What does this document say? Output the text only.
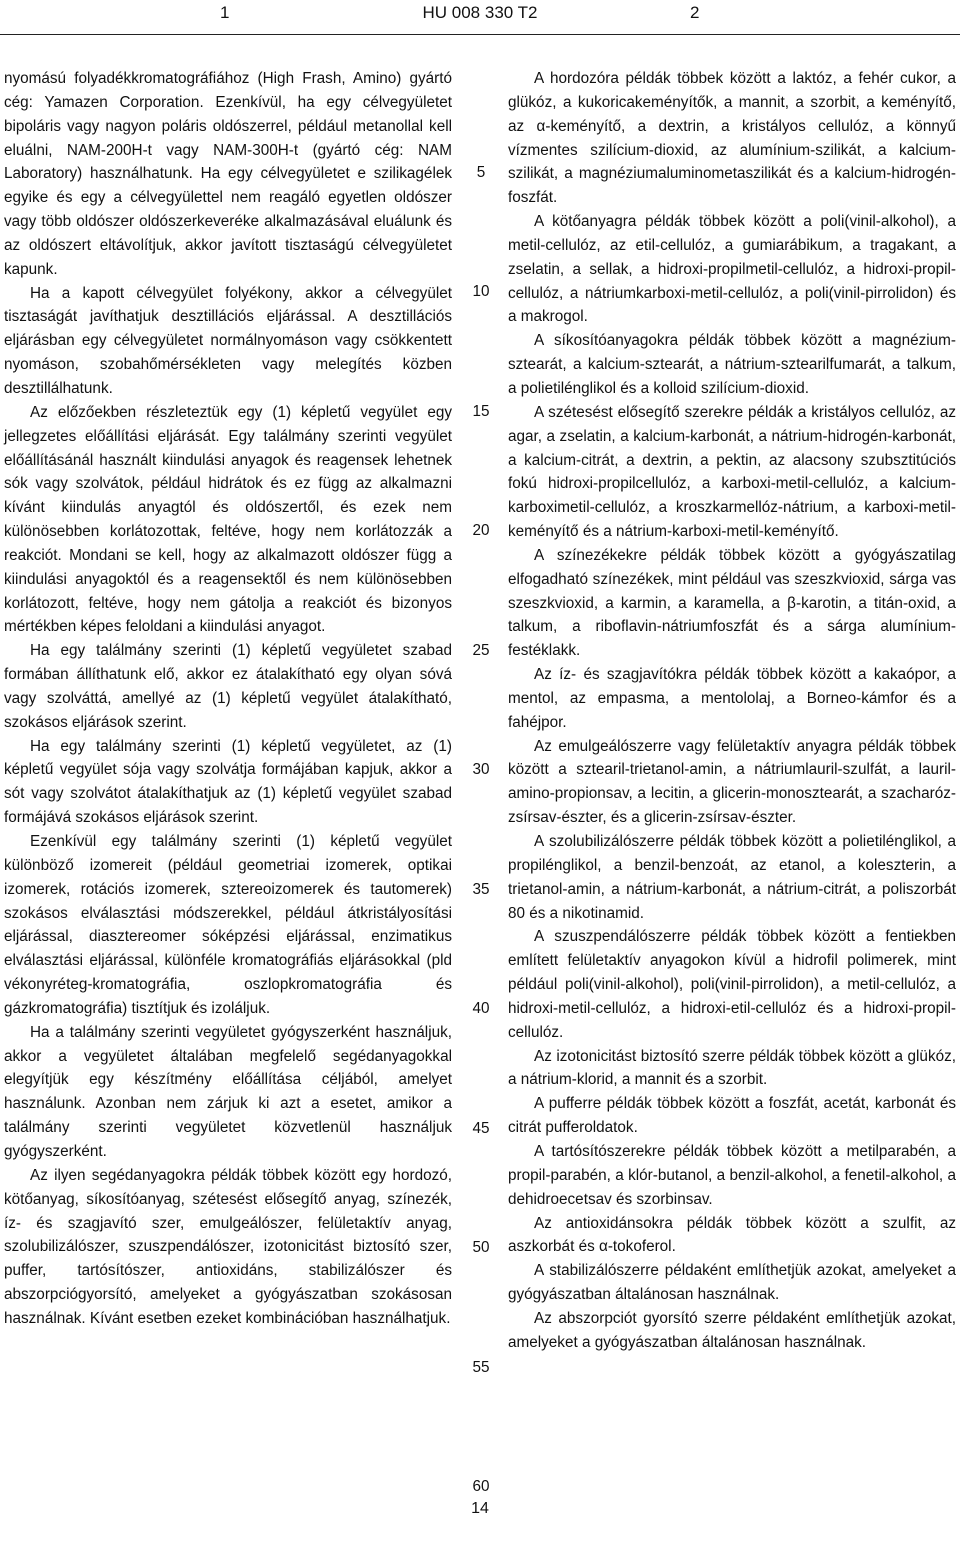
1	HU 008 330 T2	2

nyomású folyadékkromatográfiához (High Frash, Amino) gyártó cég: Yamazen Corporation. Ezenkívül, ha egy célvegyületet bipoláris vagy nagyon poláris oldószerrel, például metanollal kell eluálni, NAM-200H-t vagy NAM-300H-t (gyártó cég: NAM Laboratory) használhatunk. Ha egy célvegyületet e szilikagélek egyike és egy a célvegyülettel nem reagáló egyetlen oldószer vagy több oldószer oldószerkeveréke alkalmazásával eluálunk és az oldószert eltávolítjuk, akkor javított tisztaságú célvegyületet kapunk.

Ha a kapott célvegyület folyékony, akkor a célvegyület tisztaságát javíthatjuk desztillációs eljárással. A desztillációs eljárásban egy célvegyületet normálnyomáson vagy csökkentett nyomáson, szobahőmérsékleten vagy melegítés közben desztillálhatunk.

Az előzőekben részleteztük egy (1) képletű vegyület egy jellegzetes előállítási eljárását. Egy találmány szerinti vegyület előállításánál használt kiindulási anyagok és reagensek lehetnek sók vagy szolvátok, például hidrátok és ez függ az alkalmazni kívánt kiindulás anyagtól és oldószertől, és ezek nem különösebben korlátozottak, feltéve, hogy nem korlátozzák a reakciót. Mondani se kell, hogy az alkalmazott oldószer függ a kiindulási anyagoktól és a reagensektől és nem különösebben korlátozott, feltéve, hogy nem gátolja a reakciót és bizonyos mértékben képes feloldani a kiindulási anyagot.

Ha egy találmány szerinti (1) képletű vegyületet szabad formában állíthatunk elő, akkor ez átalakítható egy olyan sóvá vagy szolváttá, amellyé az (1) képletű vegyület átalakítható, szokásos eljárások szerint.

Ha egy találmány szerinti (1) képletű vegyületet, az (1) képletű vegyület sója vagy szolvátja formájában kapjuk, akkor a sót vagy szolvátot átalakíthatjuk az (1) képletű vegyület szabad formájává szokásos eljárások szerint.

Ezenkívül egy találmány szerinti (1) képletű vegyület különböző izomereit (például geometriai izomerek, optikai izomerek, rotációs izomerek, sztereoizomerek és tautomerek) szokásos elválasztási módszerekkel, például átkristályosítási eljárással, diasztereomer sóképzési eljárással, enzimatikus elválasztási eljárással, különféle kromatográfiás eljárásokkal (pld vékonyréteg-kromatográfia, oszlopkromatográfia és gázkromatográfia) tisztítjuk és izoláljuk.

Ha a találmány szerinti vegyületet gyógyszerként használjuk, akkor a vegyületet általában megfelelő segédanyagokkal elegyítjük egy készítmény előállítása céljából, amelyet használunk. Azonban nem zárjuk ki azt a esetet, amikor a találmány szerinti vegyületet közvetlenül használjuk gyógyszerként.

Az ilyen segédanyagokra példák többek között egy hordozó, kötőanyag, síkosítóanyag, szétesést elősegítő anyag, színezék, íz- és szagjavító szer, emulgeálószer, felületaktív anyag, szolubilizálószer, szuszpendálószer, izotonicitást biztosító szer, puffer, tartósítószer, antioxidáns, stabilizálószer és abszorpciógyorsító, amelyeket a gyógyászatban szokásosan használnak. Kívánt esetben ezeket kombinációban használhatjuk.

A hordozóra példák többek között a laktóz, a fehér cukor, a glükóz, a kukoricakeményítők, a mannit, a szorbit, a keményítő, az α-keményítő, a dextrin, a kristályos cellulóz, a könnyű vízmentes szilícium-dioxid, az alumínium-szilikát, a kalcium-szilikát, a magnéziumaluminometaszilikát és a kalcium-hidrogén-foszfát.

A kötőanyagra példák többek között a poli(vinil-alkohol), a metil-cellulóz, az etil-cellulóz, a gumiarábikum, a tragakant, a zselatin, a sellak, a hidroxi-propilmetil-cellulóz, a hidroxi-propil-cellulóz, a nátriumkarboxi-metil-cellulóz, a poli(vinil-pirrolidon) és a makrogol.

A síkosítóanyagokra példák többek között a magnézium-sztearát, a kalcium-sztearát, a nátrium-sztearilfumarát, a talkum, a polietilénglikol és a kolloid szilícium-dioxid.

A szétesést elősegítő szerekre példák a kristályos cellulóz, az agar, a zselatin, a kalcium-karbonát, a nátrium-hidrogén-karbonát, a kalcium-citrát, a dextrin, a pektin, az alacsony szubsztitúciós fokú hidroxi-propilcellulóz, a karboxi-metil-cellulóz, a kalcium-karboximetil-cellulóz, a kroszkarmellóz-nátrium, a karboxi-metil-keményítő és a nátrium-karboxi-metil-keményítő.

A színezékekre példák többek között a gyógyászatilag elfogadható színezékek, mint például vas szeszkvioxid, sárga vas szeszkvioxid, a karmin, a karamella, a β-karotin, a titán-oxid, a talkum, a riboflavin-nátriumfoszfát és a sárga alumínium-festéklakk.

Az íz- és szagjavítókra példák többek között a kakaópor, a mentol, az empasma, a mentololaj, a Borneo-kámfor és a fahéjpor.

Az emulgeálószerre vagy felületaktív anyagra példák többek között a sztearil-trietanol-amin, a nátriumlauril-szulfát, a lauril-amino-propionsav, a lecitin, a glicerin-monosztearát, a szacharóz-zsírsav-észter, és a glicerin-zsírsav-észter.

A szolubilizálószerre példák többek között a polietilénglikol, a propilénglikol, a benzil-benzoát, az etanol, a koleszterin, a trietanol-amin, a nátrium-karbonát, a nátrium-citrát, a poliszorbát 80 és a nikotinamid.

A szuszpendálószerre példák többek között a fentiekben említett felületaktív anyagokon kívül a hidrofil polimerek, mint például poli(vinil-alkohol), poli(vinil-pirrolidon), a metil-cellulóz, a hidroxi-metil-cellulóz, a hidroxi-etil-cellulóz és a hidroxi-propil-cellulóz.

Az izotonicitást biztosító szerre példák többek között a glükóz, a nátrium-klorid, a mannit és a szorbit.

A pufferre példák többek között a foszfát, acetát, karbonát és citrát pufferoldatok.

A tartósítószerekre példák többek között a metilparabén, a propil-parabén, a klór-butanol, a benzil-alkohol, a fenetil-alkohol, a dehidroecetsav és szorbinsav.

Az antioxidánsokra példák többek között a szulfit, az aszkorbát és α-tokoferol.

A stabilizálószerre példaként említhetjük azokat, amelyeket a gyógyászatban általánosan használnak.

Az abszorpciót gyorsító szerre példaként említhetjük azokat, amelyeket a gyógyászatban általánosan használnak.

5
10
15
20
25
30
35
40
45
50
55
60
14
